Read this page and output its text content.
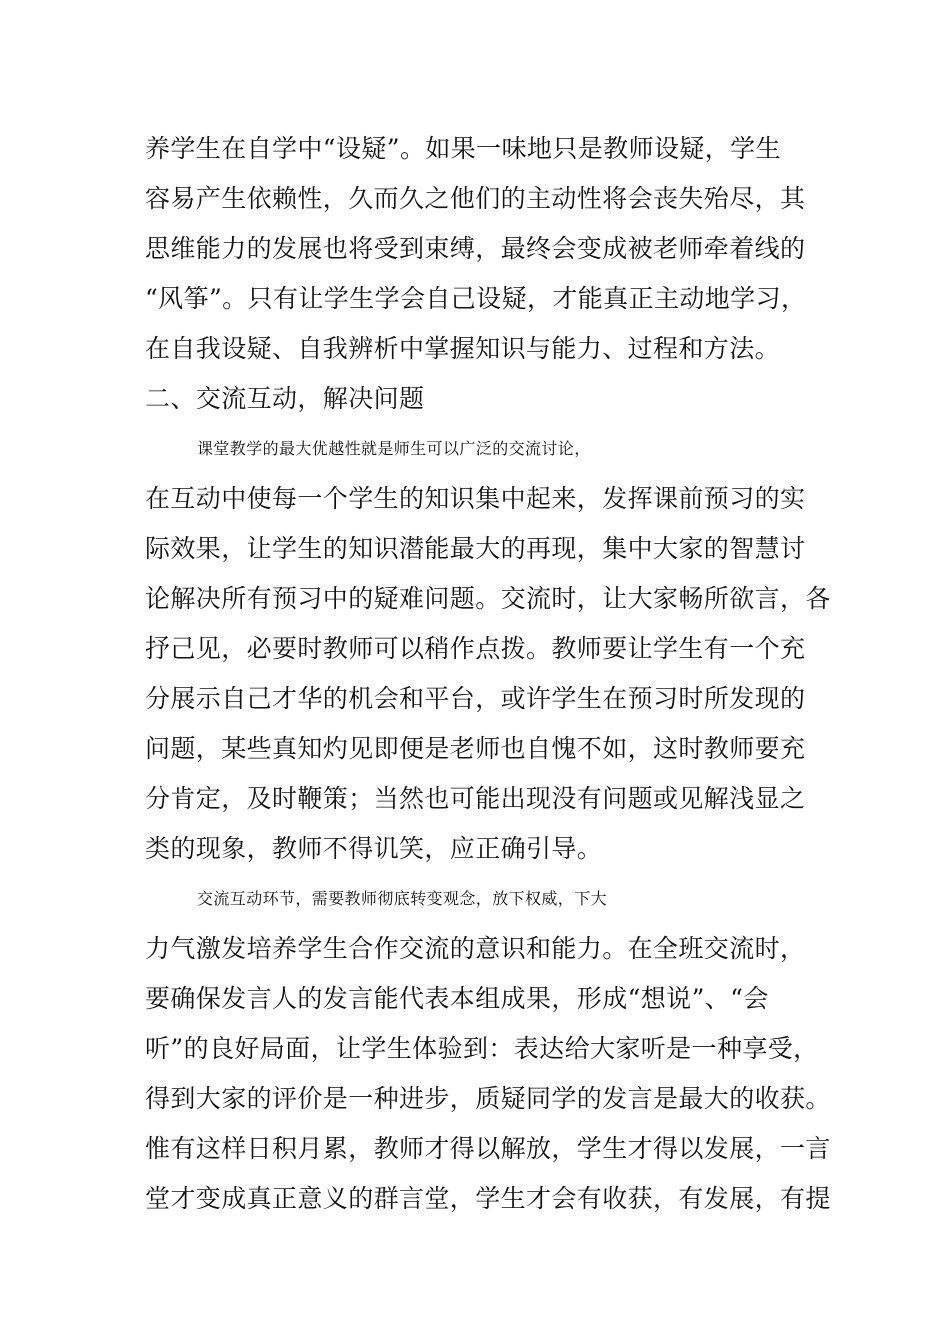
养学生在自学中“设疑”。如果一味地只是教师设疑，学生
容易产生依赖性，久而久之他们的主动性将会丧失殆尽，其
思维能力的发展也将受到束缚，最终会变成被老师牵着线的
“风筝”。只有让学生学会自己设疑，才能真正主动地学习，
在自我设疑、自我辨析中掌握知识与能力、过程和方法。
二、交流互动，解决问题
课堂教学的最大优越性就是师生可以广泛的交流讨论，
在互动中使每一个学生的知识集中起来，发挥课前预习的实
际效果，让学生的知识潜能最大的再现，集中大家的智慧讨
论解决所有预习中的疑难问题。交流时，让大家畅所欲言，各
抒己见，必要时教师可以稍作点拨。教师要让学生有一个充
分展示自己才华的机会和平台，或许学生在预习时所发现的
问题，某些真知灼见即便是老师也自愧不如，这时教师要充
分肯定，及时鞭策；当然也可能出现没有问题或见解浅显之
类的现象，教师不得讥笑，应正确引导。
交流互动环节，需要教师彻底转变观念，放下权威，下大
力气激发培养学生合作交流的意识和能力。在全班交流时，
要确保发言人的发言能代表本组成果，形成“想说”、“会
听”的良好局面，让学生体验到：表达给大家听是一种享受，
得到大家的评价是一种进步，质疑同学的发言是最大的收获。
惟有这样日积月累，教师才得以解放，学生才得以发展，一言
堂才变成真正意义的群言堂，学生才会有收获，有发展，有提
